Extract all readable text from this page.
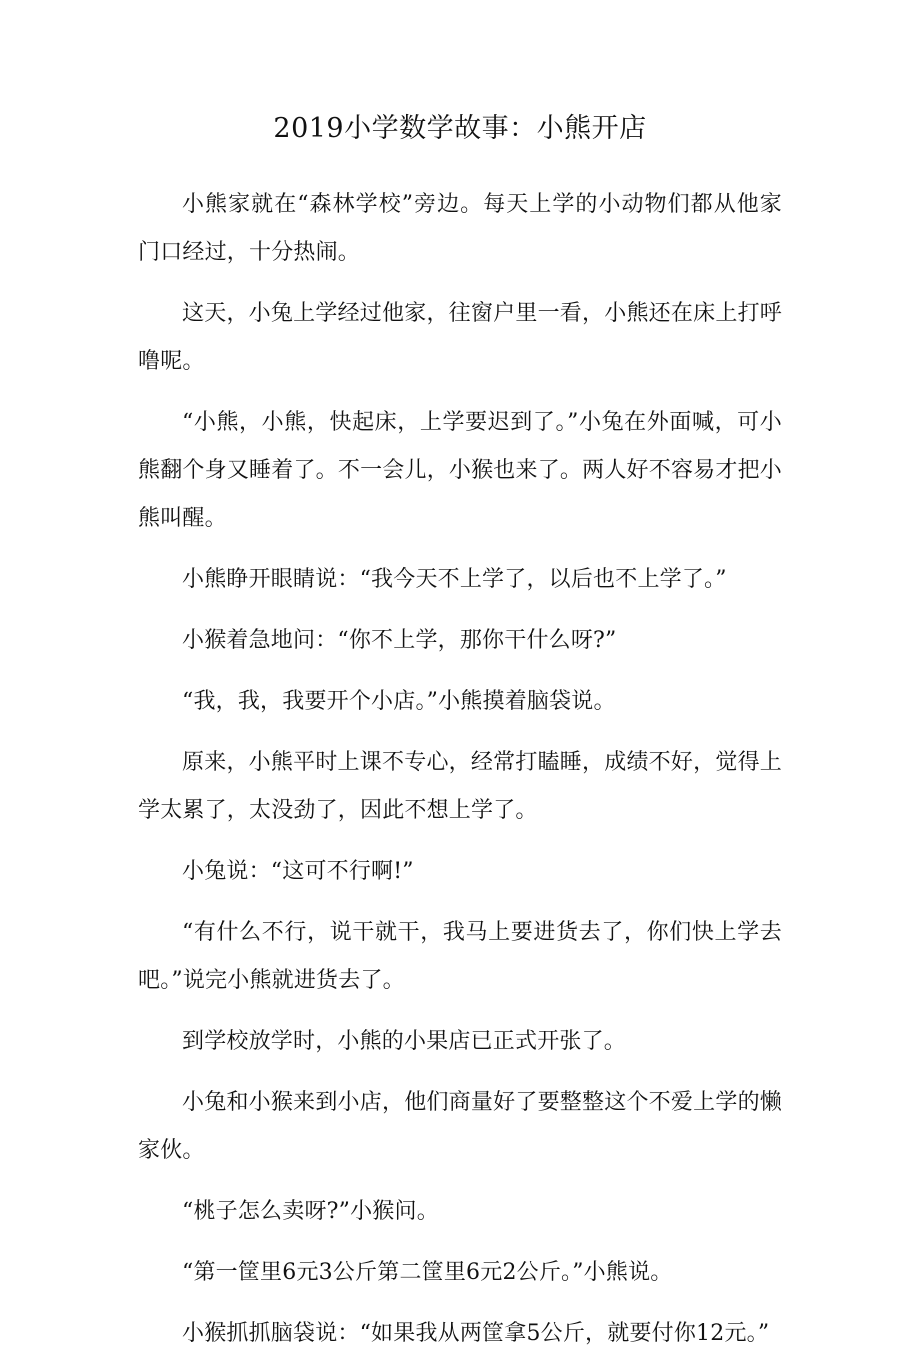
2019小学数学故事：小熊开店

小熊家就在“森林学校”旁边。每天上学的小动物们都从他家门口经过，十分热闹。

这天，小兔上学经过他家，往窗户里一看，小熊还在床上打呼噜呢。

“小熊，小熊，快起床，上学要迟到了。”小兔在外面喊，可小熊翻个身又睡着了。不一会儿，小猴也来了。两人好不容易才把小熊叫醒。

小熊睁开眼睛说：“我今天不上学了，以后也不上学了。”

小猴着急地问：“你不上学，那你干什么呀?”

“我，我，我要开个小店。”小熊摸着脑袋说。

原来，小熊平时上课不专心，经常打瞌睡，成绩不好，觉得上学太累了，太没劲了，因此不想上学了。

小兔说：“这可不行啊!”

“有什么不行，说干就干，我马上要进货去了，你们快上学去吧。”说完小熊就进货去了。

到学校放学时，小熊的小果店已正式开张了。

小兔和小猴来到小店，他们商量好了要整整这个不爱上学的懒家伙。

“桃子怎么卖呀?”小猴问。

“第一筐里6元3公斤第二筐里6元2公斤。”小熊说。

小猴抓抓脑袋说：“如果我从两筐拿5公斤，就要付你12元。”
